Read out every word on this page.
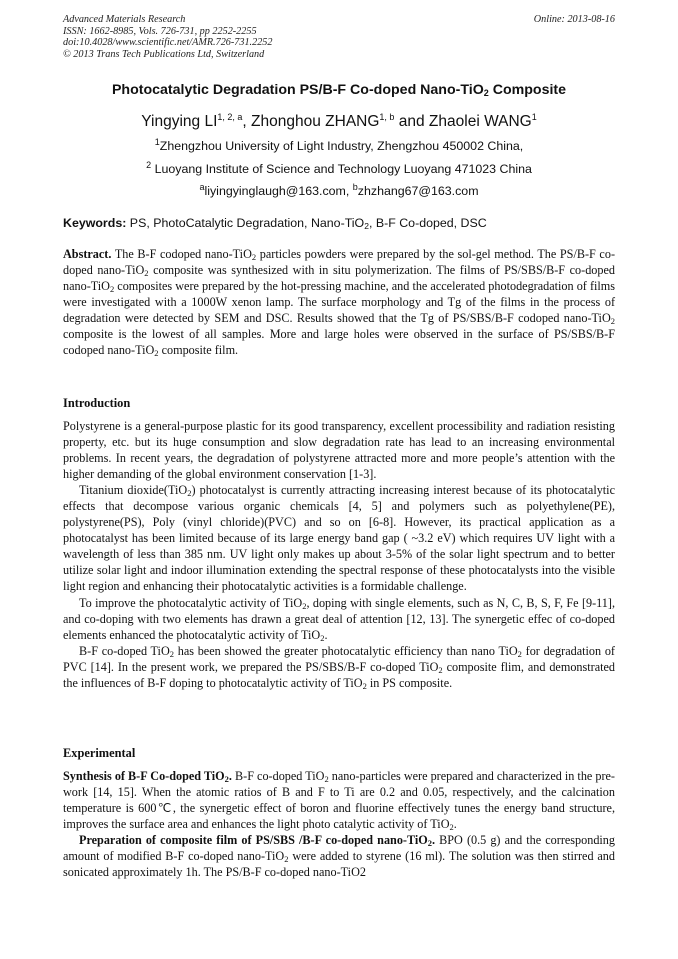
Advanced Materials Research
ISSN: 1662-8985, Vols. 726-731, pp 2252-2255
doi:10.4028/www.scientific.net/AMR.726-731.2252
© 2013 Trans Tech Publications Ltd, Switzerland
Online: 2013-08-16
Photocatalytic Degradation PS/B-F Co-doped Nano-TiO$_2$ Composite
Yingying LI$^{1, 2, a}$, Zhonghou ZHANG$^{1, b}$ and Zhaolei WANG$^1$
$^1$Zhengzhou University of Light Industry, Zhengzhou 450002 China,
$^2$ Luoyang Institute of Science and Technology Luoyang 471023 China
$^a$liyingyinglaugh@163.com, $^b$zhzhang67@163.com
Keywords: PS, PhotoCatalytic Degradation, Nano-TiO$_2$, B-F Co-doped, DSC

Abstract. The B-F codoped nano-TiO$_2$ particles powders were prepared by the sol-gel method. The PS/B-F co-doped nano-TiO$_2$ composite was synthesized with in situ polymerization. The films of PS/SBS/B-F co-doped nano-TiO$_2$ composites were prepared by the hot-pressing machine, and the accelerated photodegradation of films were investigated with a 1000W xenon lamp. The surface morphology and Tg of the films in the process of degradation were detected by SEM and DSC. Results showed that the Tg of PS/SBS/B-F codoped nano-TiO$_2$ composite is the lowest of all samples. More and large holes were observed in the surface of PS/SBS/B-F codoped nano-TiO$_2$ composite film.

Introduction

Polystyrene is a general-purpose plastic for its good transparency, excellent processibility and radiation resisting property, etc. but its huge consumption and slow degradation rate has lead to an increasing environmental problems. In recent years, the degradation of polystyrene attracted more and more people’s attention with the higher demanding of the global environment conservation [1-3].

Titanium dioxide(TiO$_2$) photocatalyst is currently attracting increasing interest because of its photocatalytic effects that decompose various organic chemicals [4, 5] and polymers such as polyethylene(PE), polystyrene(PS), Poly (vinyl chloride)(PVC) and so on [6-8]. However, its practical application as a photocatalyst has been limited because of its large energy band gap ( ~3.2 eV) which requires UV light with a wavelength of less than 385 nm. UV light only makes up about 3-5% of the solar light spectrum and to better utilize solar light and indoor illumination extending the spectral response of these photocatalysts into the visible light region and enhancing their photocatalytic activities is a formidable challenge.

To improve the photocatalytic activity of TiO$_2$, doping with single elements, such as N, C, B, S, F, Fe [9-11], and co-doping with two elements has drawn a great deal of attention [12, 13]. The synergetic effec of co-doped elements enhanced the photocatalytic activity of TiO$_2$.

B-F co-doped TiO$_2$ has been showed the greater photocatalytic efficiency than nano TiO$_2$ for degradation of PVC [14]. In the present work, we prepared the PS/SBS/B-F co-doped TiO$_2$ composite flim, and demonstrated the influences of B-F doping to photocatalytic activity of TiO$_2$ in PS composite.

Experimental

Synthesis of B-F Co-doped TiO$_2$. B-F co-doped TiO$_2$ nano-particles were prepared and characterized in the pre-work [14, 15]. When the atomic ratios of B and F to Ti are 0.2 and 0.05, respectively, and the calcination temperature is 600℃, the synergetic effect of boron and fluorine effectively tunes the energy band structure, improves the surface area and enhances the light photo catalytic activity of TiO$_2$.

Preparation of composite film of PS/SBS /B-F co-doped nano-TiO$_2$. BPO (0.5 g) and the corresponding amount of modified B-F co-doped nano-TiO$_2$ were added to styrene (16 ml). The solution was then stirred and sonicated approximately 1h. The PS/B-F co-doped nano-TiO2
